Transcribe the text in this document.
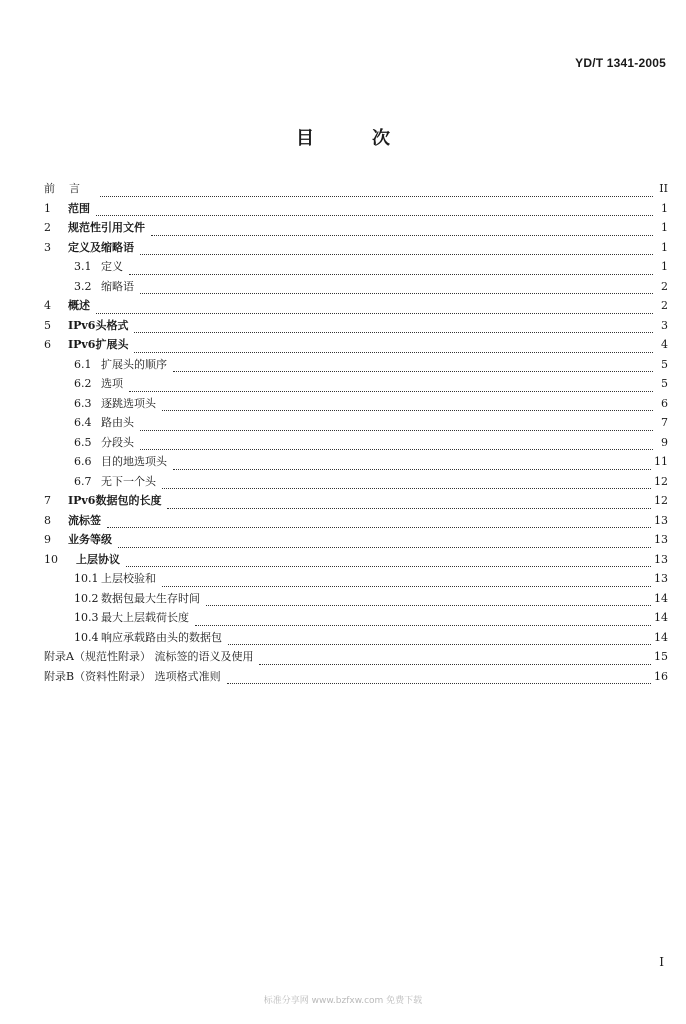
YD/T 1341-2005
目次
前言	II
1	范围	1
2	规范性引用文件	1
3	定义及缩略语	1
3.1 定义	1
3.2 缩略语	2
4	概述	2
5	IPv6头格式	3
6	IPv6扩展头	4
6.1 扩展头的顺序	5
6.2 选项	5
6.3 逐跳选项头	6
6.4 路由头	7
6.5 分段头	9
6.6 目的地选项头	11
6.7 无下一个头	12
7	IPv6数据包的长度	12
8	流标签	13
9	业务等级	13
10	上层协议	13
10.1 上层校验和	13
10.2 数据包最大生存时间	14
10.3 最大上层载荷长度	14
10.4 响应承载路由头的数据包	14
附录A（规范性附录） 流标签的语义及使用	15
附录B（资料性附录） 选项格式准则	16
I
标准分享网 www.bzfxw.com 免费下载
